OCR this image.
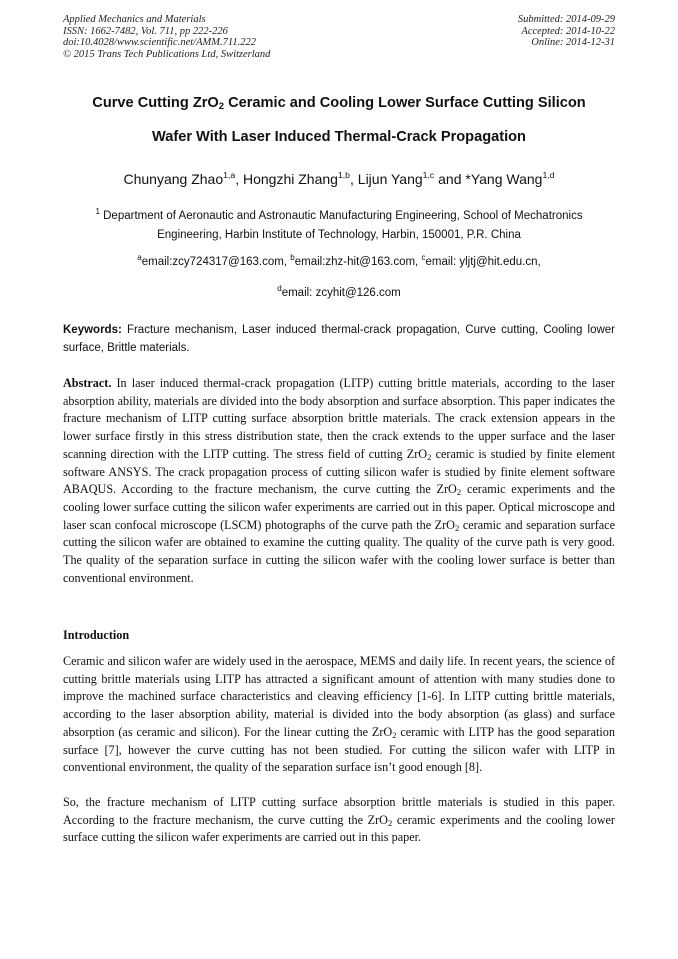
Applied Mechanics and Materials
ISSN: 1662-7482, Vol. 711, pp 222-226
doi:10.4028/www.scientific.net/AMM.711.222
© 2015 Trans Tech Publications Ltd, Switzerland
Submitted: 2014-09-29
Accepted: 2014-10-22
Online: 2014-12-31
Curve Cutting ZrO$_2$ Ceramic and Cooling Lower Surface Cutting Silicon
Wafer With Laser Induced Thermal-Crack Propagation
Chunyang Zhao$^{1,a}$, Hongzhi Zhang$^{1,b}$, Lijun Yang$^{1,c}$ and *Yang Wang$^{1,d}$
$^1$ Department of Aeronautic and Astronautic Manufacturing Engineering, School of Mechatronics Engineering, Harbin Institute of Technology, Harbin, 150001, P.R. China
$^a$email:zcy724317@163.com, $^b$email:zhz-hit@163.com, $^c$email: yljtj@hit.edu.cn,
$^d$email: zcyhit@126.com
Keywords: Fracture mechanism, Laser induced thermal-crack propagation, Curve cutting, Cooling lower surface, Brittle materials.

Abstract. In laser induced thermal-crack propagation (LITP) cutting brittle materials, according to the laser absorption ability, materials are divided into the body absorption and surface absorption. This paper indicates the fracture mechanism of LITP cutting surface absorption brittle materials. The crack extension appears in the lower surface firstly in this stress distribution state, then the crack extends to the upper surface and the laser scanning direction with the LITP cutting. The stress field of cutting ZrO$_2$ ceramic is studied by finite element software ANSYS. The crack propagation process of cutting silicon wafer is studied by finite element software ABAQUS. According to the fracture mechanism, the curve cutting the ZrO$_2$ ceramic experiments and the cooling lower surface cutting the silicon wafer experiments are carried out in this paper. Optical microscope and laser scan confocal microscope (LSCM) photographs of the curve path the ZrO$_2$ ceramic and separation surface cutting the silicon wafer are obtained to examine the cutting quality. The quality of the curve path is very good. The quality of the separation surface in cutting the silicon wafer with the cooling lower surface is better than conventional environment.

Introduction

Ceramic and silicon wafer are widely used in the aerospace, MEMS and daily life. In recent years, the science of cutting brittle materials using LITP has attracted a significant amount of attention with many studies done to improve the machined surface characteristics and cleaving efficiency [1-6]. In LITP cutting brittle materials, according to the laser absorption ability, material is divided into the body absorption (as glass) and surface absorption (as ceramic and silicon). For the linear cutting the ZrO$_2$ ceramic with LITP has the good separation surface [7], however the curve cutting has not been studied. For cutting the silicon wafer with LITP in conventional environment, the quality of the separation surface isn’t good enough [8].

So, the fracture mechanism of LITP cutting surface absorption brittle materials is studied in this paper. According to the fracture mechanism, the curve cutting the ZrO$_2$ ceramic experiments and the cooling lower surface cutting the silicon wafer experiments are carried out in this paper.
